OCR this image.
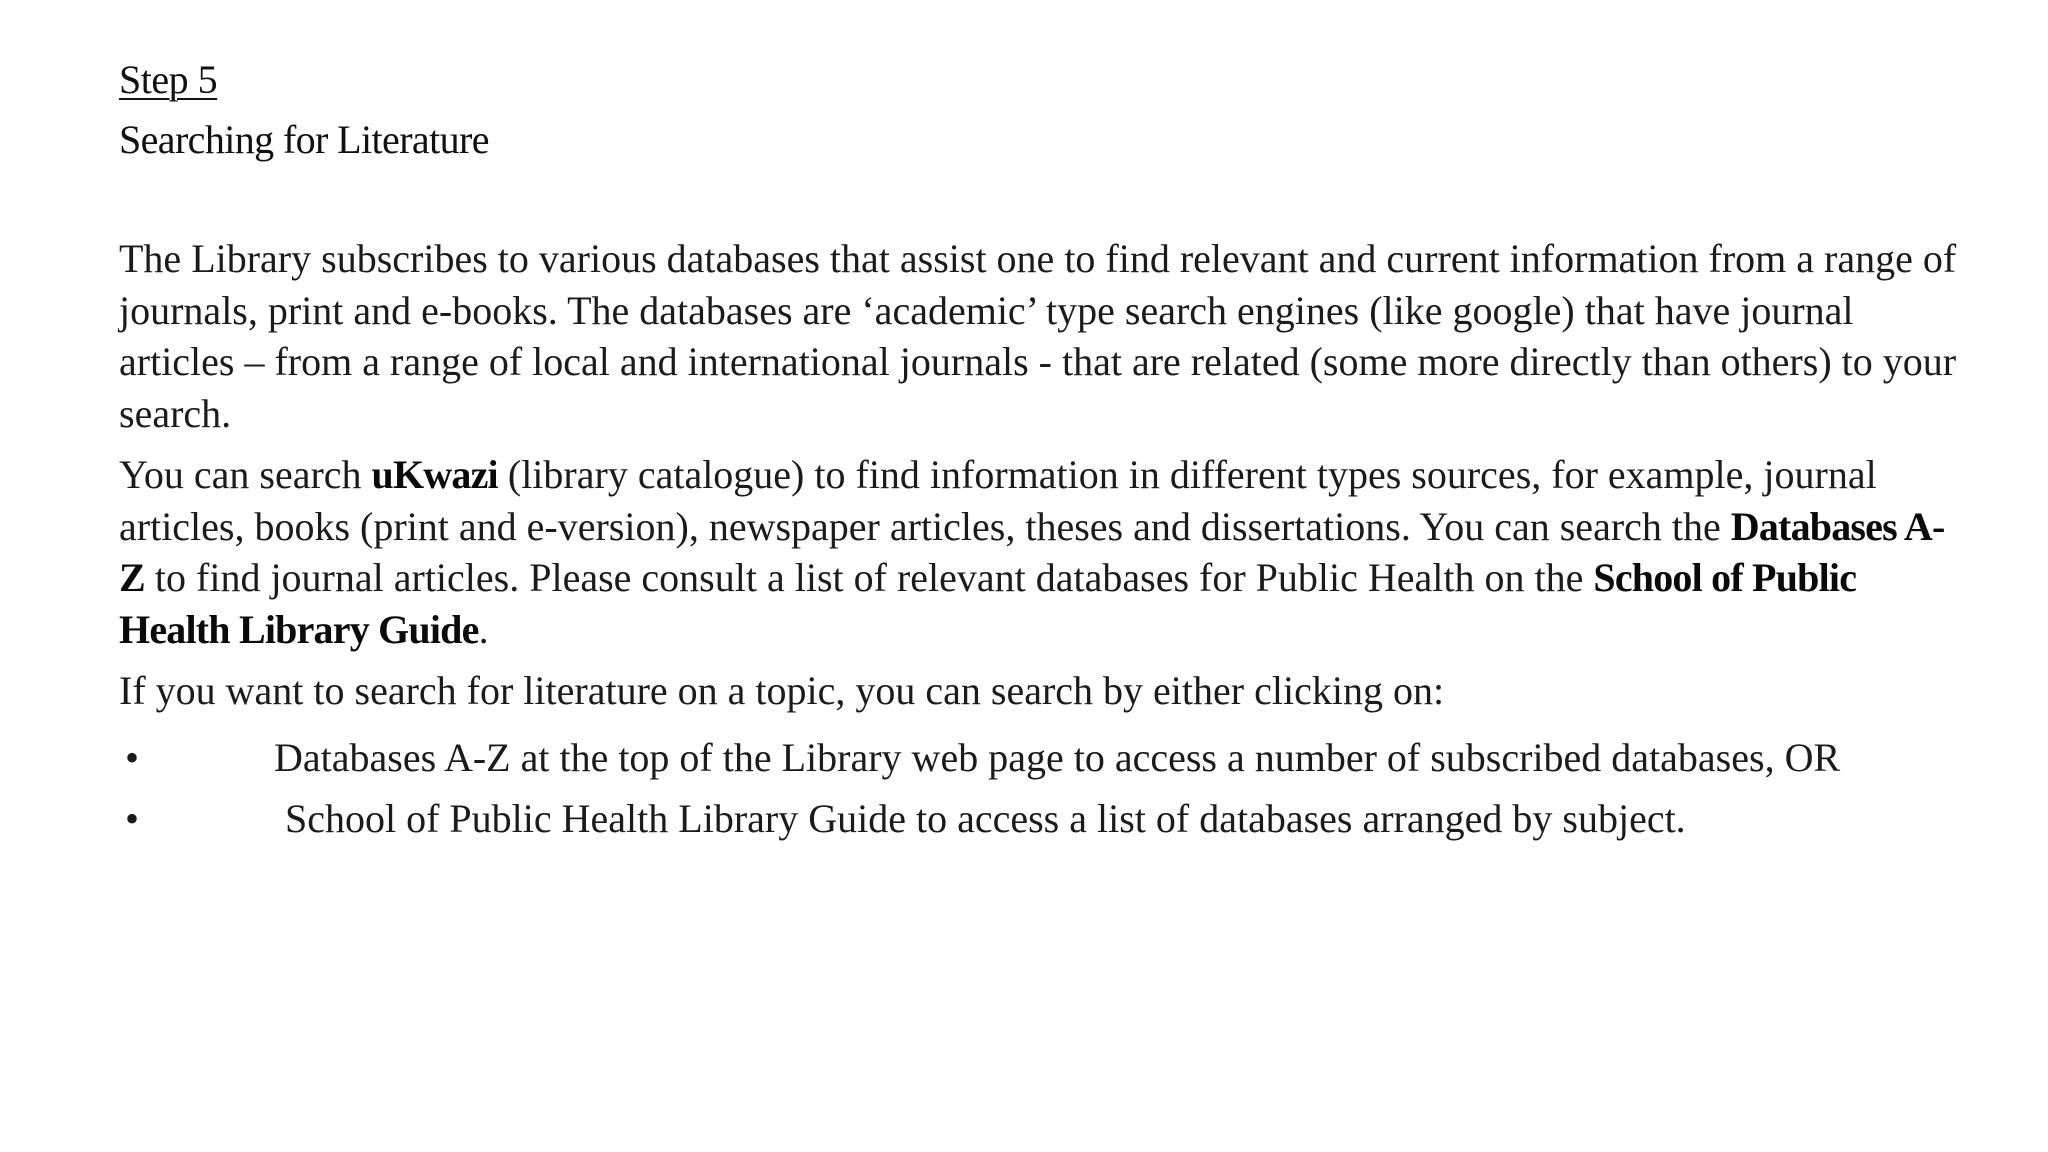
Step 5

Searching for Literature

The Library subscribes to various databases that assist one to find relevant and current information from a range of journals, print and e-books. The databases are ‘academic’ type search engines (like google) that have journal articles – from a range of local and international journals - that are related (some more directly than others) to your search.

You can search uKwazi (library catalogue) to find information in different types sources, for example, journal articles, books (print and e-version), newspaper articles, theses and dissertations. You can search the Databases A-Z to find journal articles. Please consult a list of relevant databases for Public Health on the School of Public Health Library Guide.

If you want to search for literature on a topic, you can search by either clicking on:

•	Databases A-Z at the top of the Library web page to access a number of subscribed databases, OR
•	School of Public Health Library Guide to access a list of databases arranged by subject.
